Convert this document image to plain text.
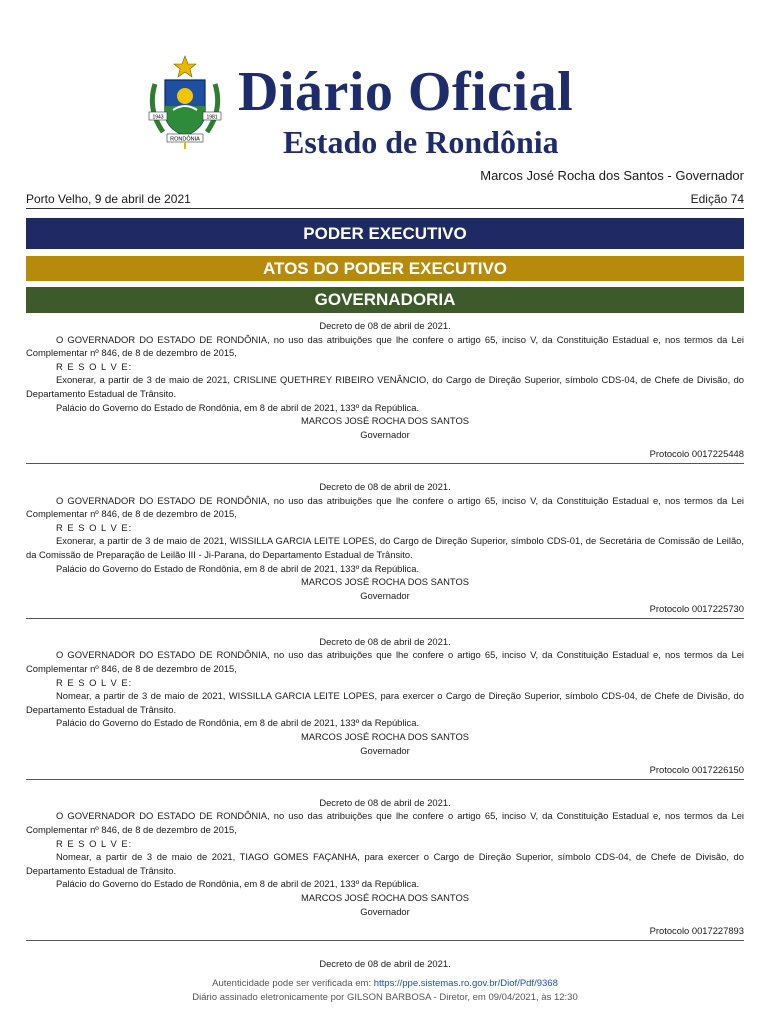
1943	1981
RONDÔNIA
Diário Oficial
Estado de Rondônia
Marcos José Rocha dos Santos - Governador
Porto Velho, 9 de abril de 2021	Edição 74
PODER EXECUTIVO
ATOS DO PODER EXECUTIVO
GOVERNADORIA
Decreto de 08 de abril de 2021.
O GOVERNADOR DO ESTADO DE RONDÔNIA, no uso das atribuições que lhe confere o artigo 65, inciso V, da Constituição Estadual e, nos termos da Lei Complementar nº 846, de 8 de dezembro de 2015,
R E S O L V E:
Exonerar, a partir de 3 de maio de 2021, CRISLINE QUETHREY RIBEIRO VENÂNCIO, do Cargo de Direção Superior, símbolo CDS-04, de Chefe de Divisão, do Departamento Estadual de Trânsito.
Palácio do Governo do Estado de Rondônia, em 8 de abril de 2021, 133º da República.
MARCOS JOSÉ ROCHA DOS SANTOS
Governador
Protocolo 0017225448
Decreto de 08 de abril de 2021.
O GOVERNADOR DO ESTADO DE RONDÔNIA, no uso das atribuições que lhe confere o artigo 65, inciso V, da Constituição Estadual e, nos termos da Lei Complementar nº 846, de 8 de dezembro de 2015,
R E S O L V E:
Exonerar, a partir de 3 de maio de 2021, WISSILLA GARCIA LEITE LOPES, do Cargo de Direção Superior, símbolo CDS-01, de Secretária de Comissão de Leilão, da Comissão de Preparação de Leilão III - Ji-Parana, do Departamento Estadual de Trânsito.
Palácio do Governo do Estado de Rondônia, em 8 de abril de 2021, 133º da República.
MARCOS JOSÉ ROCHA DOS SANTOS
Governador
Protocolo 0017225730
Decreto de 08 de abril de 2021.
O GOVERNADOR DO ESTADO DE RONDÔNIA, no uso das atribuições que lhe confere o artigo 65, inciso V, da Constituição Estadual e, nos termos da Lei Complementar nº 846, de 8 de dezembro de 2015,
R E S O L V E:
Nomear, a partir de 3 de maio de 2021, WISSILLA GARCIA LEITE LOPES, para exercer o Cargo de Direção Superior, símbolo CDS-04, de Chefe de Divisão, do Departamento Estadual de Trânsito.
Palácio do Governo do Estado de Rondônia, em 8 de abril de 2021, 133º da República.
MARCOS JOSÉ ROCHA DOS SANTOS
Governador
Protocolo 0017226150
Decreto de 08 de abril de 2021.
O GOVERNADOR DO ESTADO DE RONDÔNIA, no uso das atribuições que lhe confere o artigo 65, inciso V, da Constituição Estadual e, nos termos da Lei Complementar nº 846, de 8 de dezembro de 2015,
R E S O L V E:
Nomear, a partir de 3 de maio de 2021, TIAGO GOMES FAÇANHA, para exercer o Cargo de Direção Superior, símbolo CDS-04, de Chefe de Divisão, do Departamento Estadual de Trânsito.
Palácio do Governo do Estado de Rondônia, em 8 de abril de 2021, 133º da República.
MARCOS JOSÉ ROCHA DOS SANTOS
Governador
Protocolo 0017227893
Decreto de 08 de abril de 2021.
Autenticidade pode ser verificada em: https://ppe.sistemas.ro.gov.br/Diof/Pdf/9368
Diário assinado eletronicamente por GILSON BARBOSA - Diretor, em 09/04/2021, às 12:30
